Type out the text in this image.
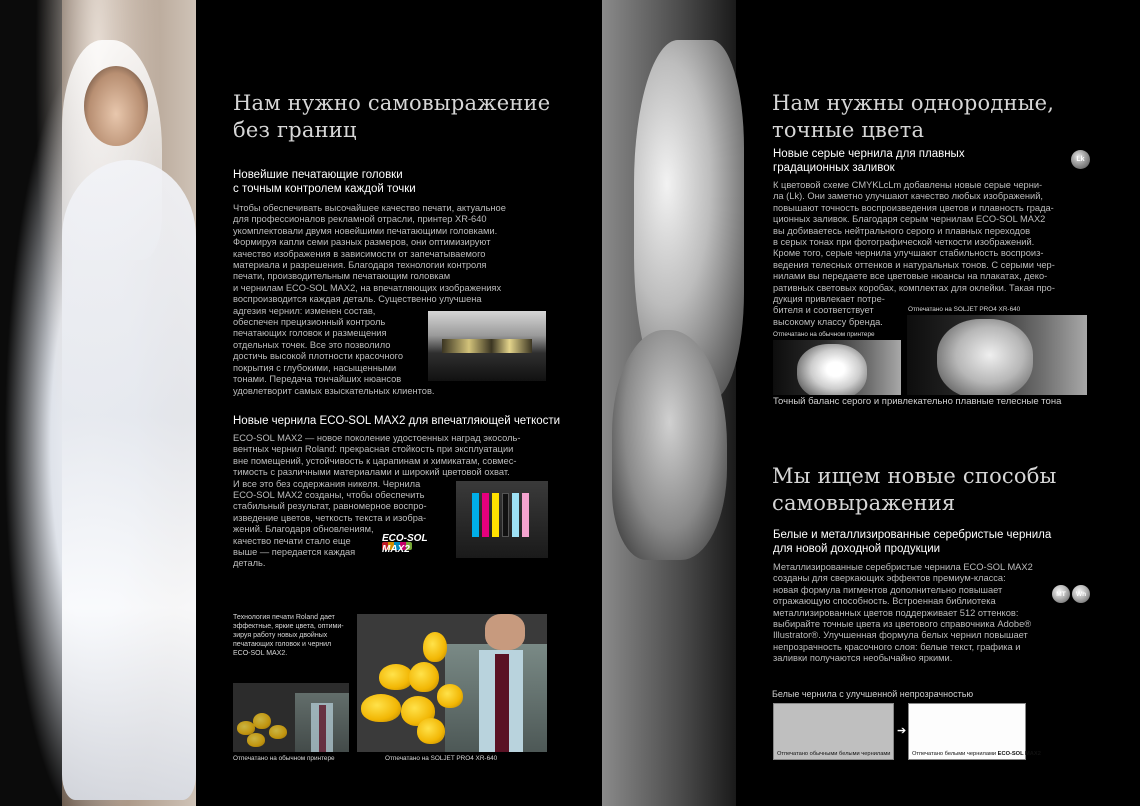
Нам нужно самовыражение
без границ
Новейшие печатающие головки
с точным контролем каждой точки
Чтобы обеспечивать высочайшее качество печати, актуальное
для профессионалов рекламной отрасли, принтер XR-640
укомплектовали двумя новейшими печатающими головками.
Формируя капли семи разных размеров, они оптимизируют
качество изображения в зависимости от запечатываемого
материала и разрешения. Благодаря технологии контроля
печати, производительным печатающим головкам
и чернилам ECO-SOL MAX2, на впечатляющих изображениях
воспроизводится каждая деталь. Существенно улучшена
адгезия чернил: изменен состав,
обеспечен прецизионный контроль
печатающих головок и размещения
отдельных точек. Все это позволило
достичь высокой плотности красочного
покрытия с глубокими, насыщенными
тонами. Передача тончайших нюансов
удовлетворит самых взыскательных клиентов.
Новые чернила ECO-SOL MAX2 для впечатляющей четкости
ECO-SOL MAX2 — новое поколение удостоенных наград экосоль-
вентных чернил Roland: прекрасная стойкость при эксплуатации
вне помещений, устойчивость к царапинам и химикатам, совмес-
тимость с различными материалами и широкий цветовой охват.
И все это без содержания никеля. Чернила
ECO-SOL MAX2 созданы, чтобы обеспечить
стабильный результат, равномерное воспро-
изведение цветов, четкость текста и изобра-
жений. Благодаря обновлениям,
качество печати стало еще
выше — передается каждая
деталь.
ECO-SOL MAX2
Технология печати Roland дает
эффектные, яркие цвета, оптими-
зируя работу новых двойных
печатающих головок и чернил
ECO-SOL MAX2.
Отпечатано на обычном принтере	Отпечатано на SOLJET PRO4 XR-640
Нам нужны однородные,
точные цвета
Новые серые чернила для плавных
градационных заливок
Lk
К цветовой схеме CMYKLcLm добавлены новые серые черни-
ла (Lk). Они заметно улучшают качество любых изображений,
повышают точность воспроизведения цветов и плавность града-
ционных заливок. Благодаря серым чернилам ECO-SOL MAX2
вы добиваетесь нейтрального серого и плавных переходов
в серых тонах при фотографической четкости изображений.
Кроме того, серые чернила улучшают стабильность воспроиз-
ведения телесных оттенков и натуральных тонов. С серыми чер-
нилами вы передаете все цветовые нюансы на плакатах, деко-
ративных световых коробах, комплектах для оклейки. Такая про-
дукция привлекает потре-
бителя и соответствует
высокому классу бренда.
Отпечатано на SOLJET PRO4 XR-640
Отпечатано на обычном принтере
Точный баланс серого и привлекательно плавные телесные тона
Мы ищем новые способы
самовыражения
Белые и металлизированные серебристые чернила
для новой доходной продукции
MT Wh
Металлизированные серебристые чернила ECO-SOL MAX2
созданы для сверкающих эффектов премиум-класса:
новая формула пигментов дополнительно повышает
отражающую способность. Встроенная библиотека
металлизированных цветов поддерживает 512 оттенков:
выбирайте точные цвета из цветового справочника Adobe®
Illustrator®. Улучшенная формула белых чернил повышает
непрозрачность красочного слоя: белые текст, графика и
заливки получаются необычайно яркими.
Белые чернила с улучшенной непрозрачностью
Отпечатано обычными белыми чернилами
➔
Отпечатано белыми чернилами ECO-SOL MAX2
